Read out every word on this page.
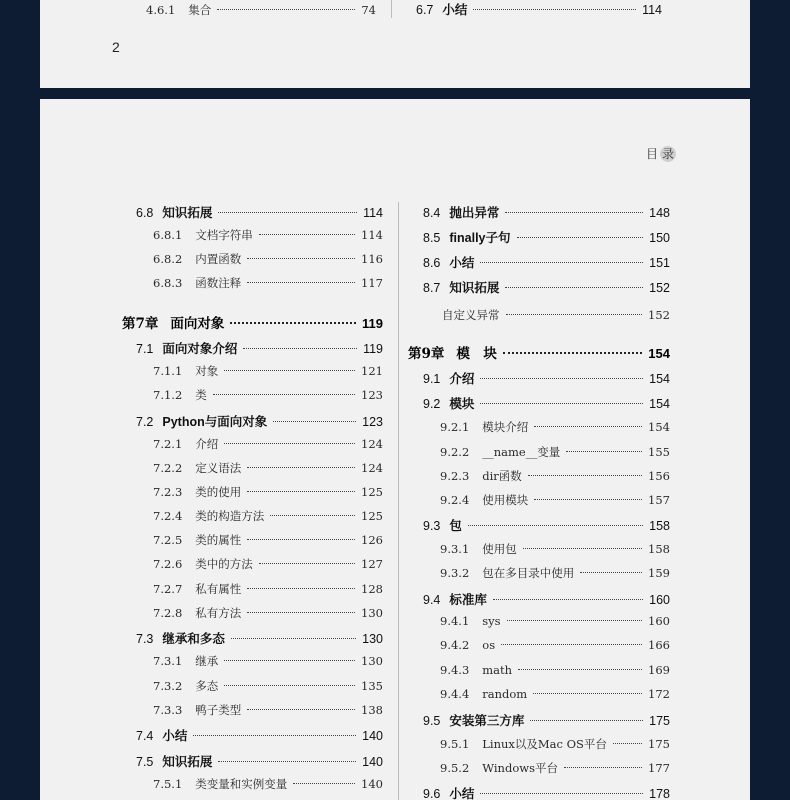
4.6.1 集合	74	6.7 小结	114
2
目 录
6.8 知识拓展	114
6.8.1 文档字符串	114
6.8.2 内置函数	116
6.8.3 函数注释	117
第7章 面向对象	119
7.1 面向对象介绍	119
7.1.1 对象	121
7.1.2 类	123
7.2 Python与面向对象	123
7.2.1 介绍	124
7.2.2 定义语法	124
7.2.3 类的使用	125
7.2.4 类的构造方法	125
7.2.5 类的属性	126
7.2.6 类中的方法	127
7.2.7 私有属性	128
7.2.8 私有方法	130
7.3 继承和多态	130
7.3.1 继承	130
7.3.2 多态	135
7.3.3 鸭子类型	138
7.4 小结	140
7.5 知识拓展	140
7.5.1 类变量和实例变量	140
8.4 抛出异常	148
8.5 finally子句	150
8.6 小结	151
8.7 知识拓展	152
自定义异常	152
第9章 模　块	154
9.1 介绍	154
9.2 模块	154
9.2.1 模块介绍	154
9.2.2 __name__变量	155
9.2.3 dir函数	156
9.2.4 使用模块	157
9.3 包	158
9.3.1 使用包	158
9.3.2 包在多目录中使用	159
9.4 标准库	160
9.4.1 sys	160
9.4.2 os	166
9.4.3 math	169
9.4.4 random	172
9.5 安装第三方库	175
9.5.1 Linux以及Mac OS平台	175
9.5.2 Windows平台	177
9.6 小结	178
